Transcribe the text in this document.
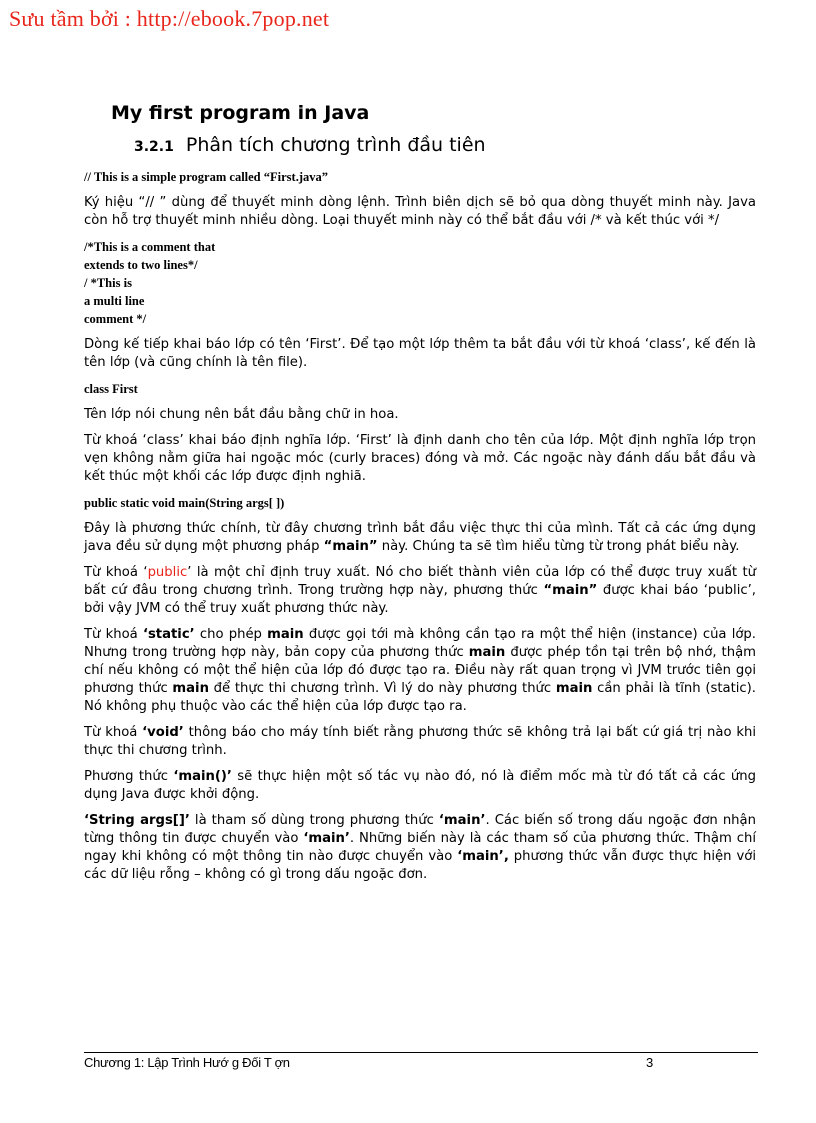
Sưu tầm bởi : http://ebook.7pop.net
My first program in Java
3.2.1 Phân tích chương trình đầu tiên
// This is a simple program called “First.java”

Ký hiệu “// ” dùng để thuyết minh dòng lệnh. Trình biên dịch sẽ bỏ qua dòng thuyết minh này. Java còn hỗ trợ thuyết minh nhiều dòng. Loại thuyết minh này có thể bắt đầu với /* và kết thúc với */

/*This is a comment that
extends to two lines*/
/ *This is
a multi line
comment */

Dòng kế tiếp khai báo lớp có tên ‘First’. Để tạo một lớp thêm ta bắt đầu với từ khoá ‘class’, kế đến là tên lớp (và cũng chính là tên file).

class First

Tên lớp nói chung nên bắt đầu bằng chữ in hoa.

Từ khoá ‘class’ khai báo định nghĩa lớp. ‘First’ là định danh cho tên của lớp. Một định nghĩa lớp trọn vẹn không nằm giữa hai ngoặc móc (curly braces) đóng và mở. Các ngoặc này đánh dấu bắt đầu và kết thúc một khối các lớp được định nghiã.

public static void main(String args[ ])

Đây là phương thức chính, từ đây chương trình bắt đầu việc thực thi của mình. Tất cả các ứng dụng java đều sử dụng một phương pháp “main” này. Chúng ta sẽ tìm hiểu từng từ trong phát biểu này.

Từ khoá ‘public’ là một chỉ định truy xuất. Nó cho biết thành viên của lớp có thể được truy xuất từ bất cứ đâu trong chương trình. Trong trường hợp này, phương thức “main” được khai báo ‘public’, bởi vậy JVM có thể truy xuất phương thức này.

Từ khoá ‘static’ cho phép main được gọi tới mà không cần tạo ra một thể hiện (instance) của lớp. Nhưng trong trường hợp này, bản copy của phương thức main được phép tồn tại trên bộ nhớ, thậm chí nếu không có một thể hiện của lớp đó được tạo ra. Điều này rất quan trọng vì JVM trước tiên gọi phương thức main để thực thi chương trình. Vì lý do này phương thức main cần phải là tĩnh (static). Nó không phụ thuộc vào các thể hiện của lớp được tạo ra.

Từ khoá ‘void’ thông báo cho máy tính biết rằng phương thức sẽ không trả lại bất cứ giá trị nào khi thực thi chương trình.

Phương thức ‘main()’ sẽ thực hiện một số tác vụ nào đó, nó là điểm mốc mà từ đó tất cả các ứng dụng Java được khởi động.

‘String args[]’ là tham số dùng trong phương thức ‘main’. Các biến số trong dấu ngoặc đơn nhận từng thông tin được chuyển vào ‘main’. Những biến này là các tham số của phương thức. Thậm chí ngay khi không có một thông tin nào được chuyển vào ‘main’, phương thức vẫn được thực hiện với các dữ liệu rỗng – không có gì trong dấu ngoặc đơn.

Chương 1: Lập Trình Hướ g Đối T ợn	3
